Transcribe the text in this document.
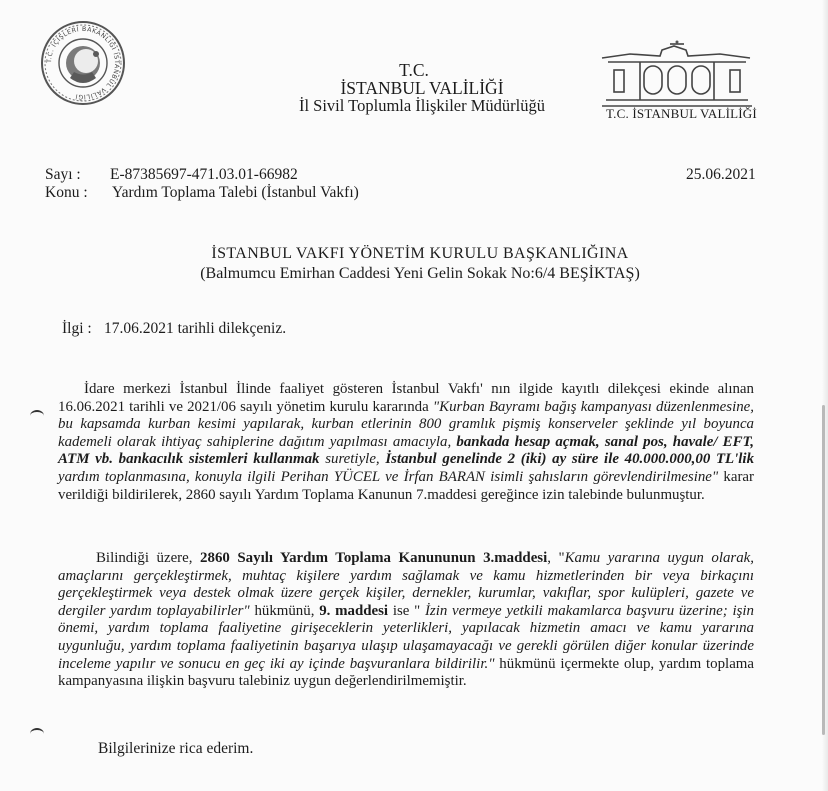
T.C. İÇİŞLERİ BAKANLIĞI İSTANBUL VALİLİĞİ
T.C. İSTANBUL VALİLİĞİ
T.C.
İSTANBUL VALİLİĞİ
İl Sivil Toplumla İlişkiler Müdürlüğü
Sayı : E-87385697-471.03.01-66982
Konu : Yardım Toplama Talebi (İstanbul Vakfı)
25.06.2021
İSTANBUL VAKFI YÖNETİM KURULU BAŞKANLIĞINA
(Balmumcu Emirhan Caddesi Yeni Gelin Sokak No:6/4 BEŞİKTAŞ)
İlgi : 17.06.2021 tarihli dilekçeniz.
İdare merkezi İstanbul İlinde faaliyet gösteren İstanbul Vakfı' nın ilgide kayıtlı dilekçesi ekinde alınan 16.06.2021 tarihli ve 2021/06 sayılı yönetim kurulu kararında "Kurban Bayramı bağış kampanyası düzenlenmesine, bu kapsamda kurban kesimi yapılarak, kurban etlerinin 800 gramlık pişmiş konserveler şeklinde yıl boyunca kademeli olarak ihtiyaç sahiplerine dağıtım yapılması amacıyla, bankada hesap açmak, sanal pos, havale/ EFT, ATM vb. bankacılık sistemleri kullanmak suretiyle, İstanbul genelinde 2 (iki) ay süre ile 40.000.000,00 TL'lik yardım toplanmasına, konuyla ilgili Perihan YÜCEL ve İrfan BARAN isimli şahısların görevlendirilmesine" karar verildiği bildirilerek, 2860 sayılı Yardım Toplama Kanunun 7.maddesi gereğince izin talebinde bulunmuştur.
Bilindiği üzere, 2860 Sayılı Yardım Toplama Kanununun 3.maddesi, "Kamu yararına uygun olarak, amaçlarını gerçekleştirmek, muhtaç kişilere yardım sağlamak ve kamu hizmetlerinden bir veya birkaçını gerçekleştirmek veya destek olmak üzere gerçek kişiler, dernekler, kurumlar, vakıflar, spor kulüpleri, gazete ve dergiler yardım toplayabilirler" hükmünü, 9. maddesi ise " İzin vermeye yetkili makamlarca başvuru üzerine; işin önemi, yardım toplama faaliyetine girişeceklerin yeterlikleri, yapılacak hizmetin amacı ve kamu yararına uygunluğu, yardım toplama faaliyetinin başarıya ulaşıp ulaşamayacağı ve gerekli görülen diğer konular üzerinde inceleme yapılır ve sonucu en geç iki ay içinde başvuranlara bildirilir." hükmünü içermekte olup, yardım toplama kampanyasına ilişkin başvuru talebiniz uygun değerlendirilmemiştir.
Bilgilerinize rica ederim.
